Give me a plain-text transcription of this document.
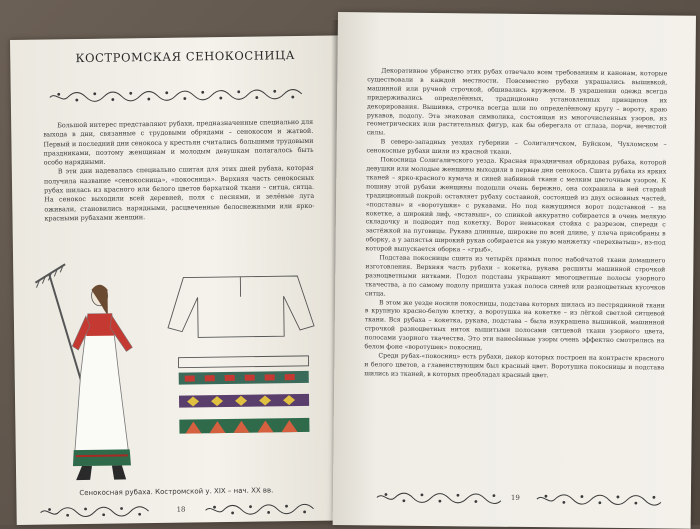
КОСТРОМСКАЯ СЕНОКОСНИЦА

Большой интерес представляют рубахи, предназначенные специально для выхода в дни, связанные с трудовыми обрядами – сенокосом и жатвой. Первый и последний дни сенокоса у крестьян считались большими трудовыми праздниками, поэтому женщинам и молодым девушкам полагалось быть особо нарядными.

В эти дни надевалась специально сшитая для этих дней рубаха, которая получила название «сенокосница», «покосница». Верхняя часть сенокосных рубах шилась из красного или белого цветов бархатной ткани – ситца, ситца. На сенокос выходили всей деревней, поля с песнями, и зелёные луга оживали, становились нарядными, расцвеченные белоснежными или ярко-красными рубахами женщин.

Сенокосная рубаха. Костромской у. XIX – нач. XX вв.
18

Декоративное убранство этих рубах отвечало всем требованиям и канонам, которые существовали в каждой местности. Повсеместно рубахи украшались вышивкой, машинной или ручной строчкой, обшивались кружевом. В украшении одежд всегда придерживались определённых, традиционно установленных принципов их декорирования. Вышивка, строчка всегда шли по определённому кругу – вороту, краю рукавов, подолу. Эта знаковая символика, состоящая из многочисленных узоров, из геометрических или растительных фигур, как бы оберегала от сглаза, порчи, нечистой силы.

В северо-западных уездах губернии – Солигаличском, Буйском, Чухломском – сенокосные рубахи шили из красной ткани.

Покосница Солигаличского уезда. Красная праздничная обрядовая рубаха, которой девушки или молодые женщины выходили в первые дни сенокоса. Сшита рубаха из ярких тканей – ярко-красного кумача и синей набивной ткани с мелким цветочным узором. К пошиву этой рубахи женщины подошли очень бережно, она сохранила в ней старый традиционный покрой: оставляет рубаху составной, состоящей из двух основных частей, «подставы» и «воротушки» с рукавами. Но под кажущимся ворот подставкой – на кокетке, а широкий лиф, «вставыш», со спинкой аккуратно собирается в очень мелкую складочку и подводит под кокетку. Ворот невысокая стойка с разрезом, спереди с застёжкой на пуговицы. Рукава длинные, широкие по всей длине, у плеча присобраны в оборку, а у запястья широкий рукав собирается на узкую манжетку «перехватыш», из-под которой выпускается оборка – «грыб».

Подстава покосницы сшита из четырёх прямых полос набойчатой ткани домашнего изготовления. Верхняя часть рубахи – кокетка, рукава расшиты машинной строчкой разноцветными нитками. Подол подставы украшают многоцветные полосы узорного ткачества, а по самому подолу пришита узкая полоса синей или разноцветных кусочков ситца.

В этом же уезде носили покосницы, подстава которых шилась из пестрядинной ткани в крупную красно-белую клетку, а воротушка на кокетке – из лёгкой светлой ситцевой ткани. Вся рубаха – кокетка, рукава, подстава – была изукрашена вышивкой, машинной строчкой разноцветных ниток вышитыми полосами ситцевой ткани узорного цвета, полосами узорного ткачества. Это эти нанесённые узоры очень эффектно смотрелись на белом фоне «воротушек» покосниц.

Среди рубах-«покосниц» есть рубахи, декор которых построен на контрасте красного и белого цветов, а главенствующим был красный цвет. Воротушка покосницы и подстава шились из тканей, в которых преобладал красный цвет.

19
